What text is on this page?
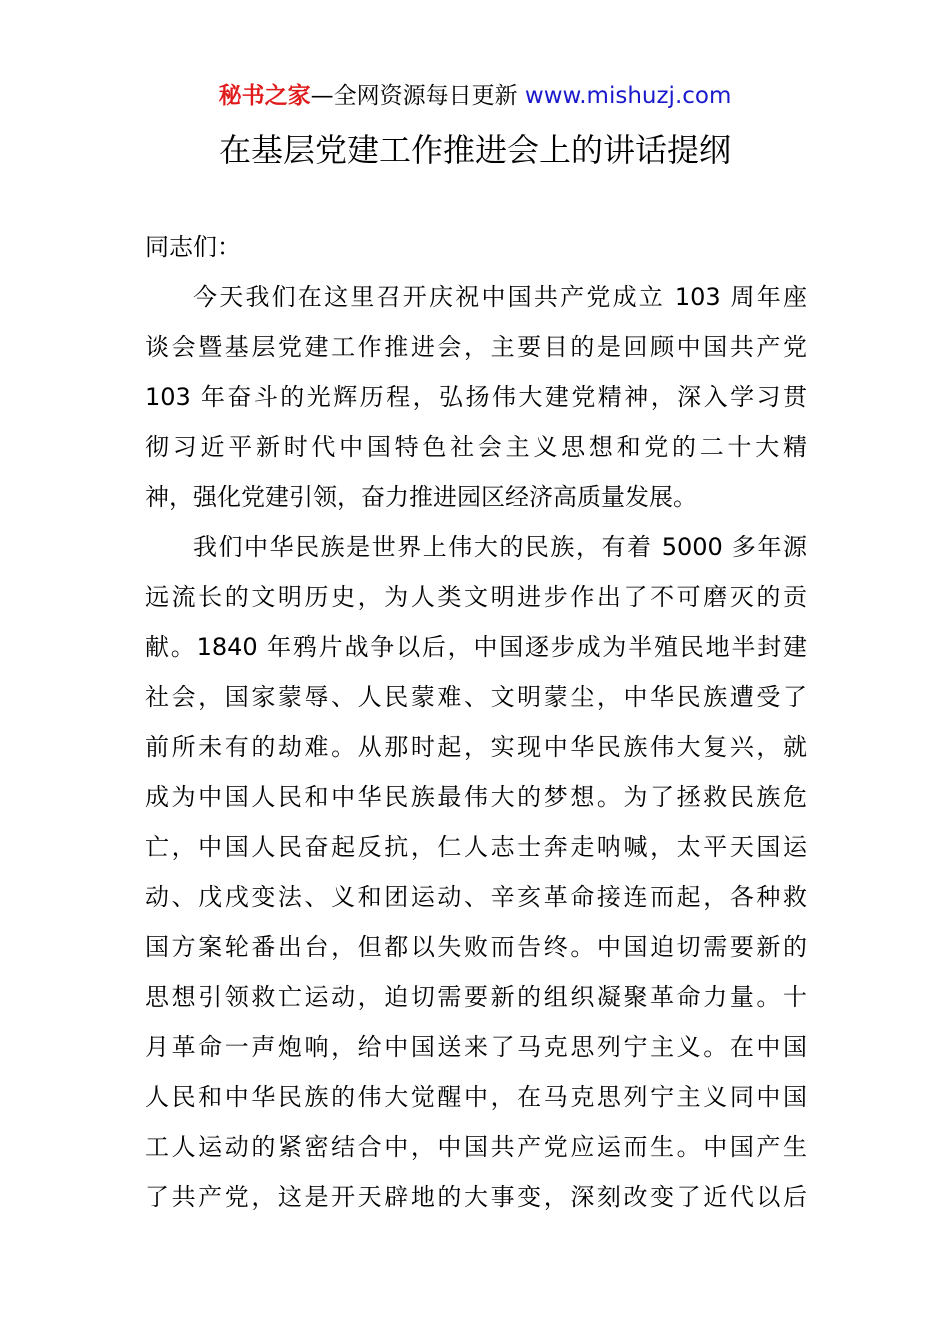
秘书之家—全网资源每日更新 www.mishuzj.com
在基层党建工作推进会上的讲话提纲
同志们：
今天我们在这里召开庆祝中国共产党成立 103 周年座
谈会暨基层党建工作推进会，主要目的是回顾中国共产党
103 年奋斗的光辉历程，弘扬伟大建党精神，深入学习贯
彻习近平新时代中国特色社会主义思想和党的二十大精
神，强化党建引领，奋力推进园区经济高质量发展。
我们中华民族是世界上伟大的民族，有着 5000 多年源
远流长的文明历史，为人类文明进步作出了不可磨灭的贡
献。1840 年鸦片战争以后，中国逐步成为半殖民地半封建
社会，国家蒙辱、人民蒙难、文明蒙尘，中华民族遭受了
前所未有的劫难。从那时起，实现中华民族伟大复兴，就
成为中国人民和中华民族最伟大的梦想。为了拯救民族危
亡，中国人民奋起反抗，仁人志士奔走呐喊，太平天国运
动、戊戌变法、义和团运动、辛亥革命接连而起，各种救
国方案轮番出台，但都以失败而告终。中国迫切需要新的
思想引领救亡运动，迫切需要新的组织凝聚革命力量。十
月革命一声炮响，给中国送来了马克思列宁主义。在中国
人民和中华民族的伟大觉醒中，在马克思列宁主义同中国
工人运动的紧密结合中，中国共产党应运而生。中国产生
了共产党，这是开天辟地的大事变，深刻改变了近代以后
